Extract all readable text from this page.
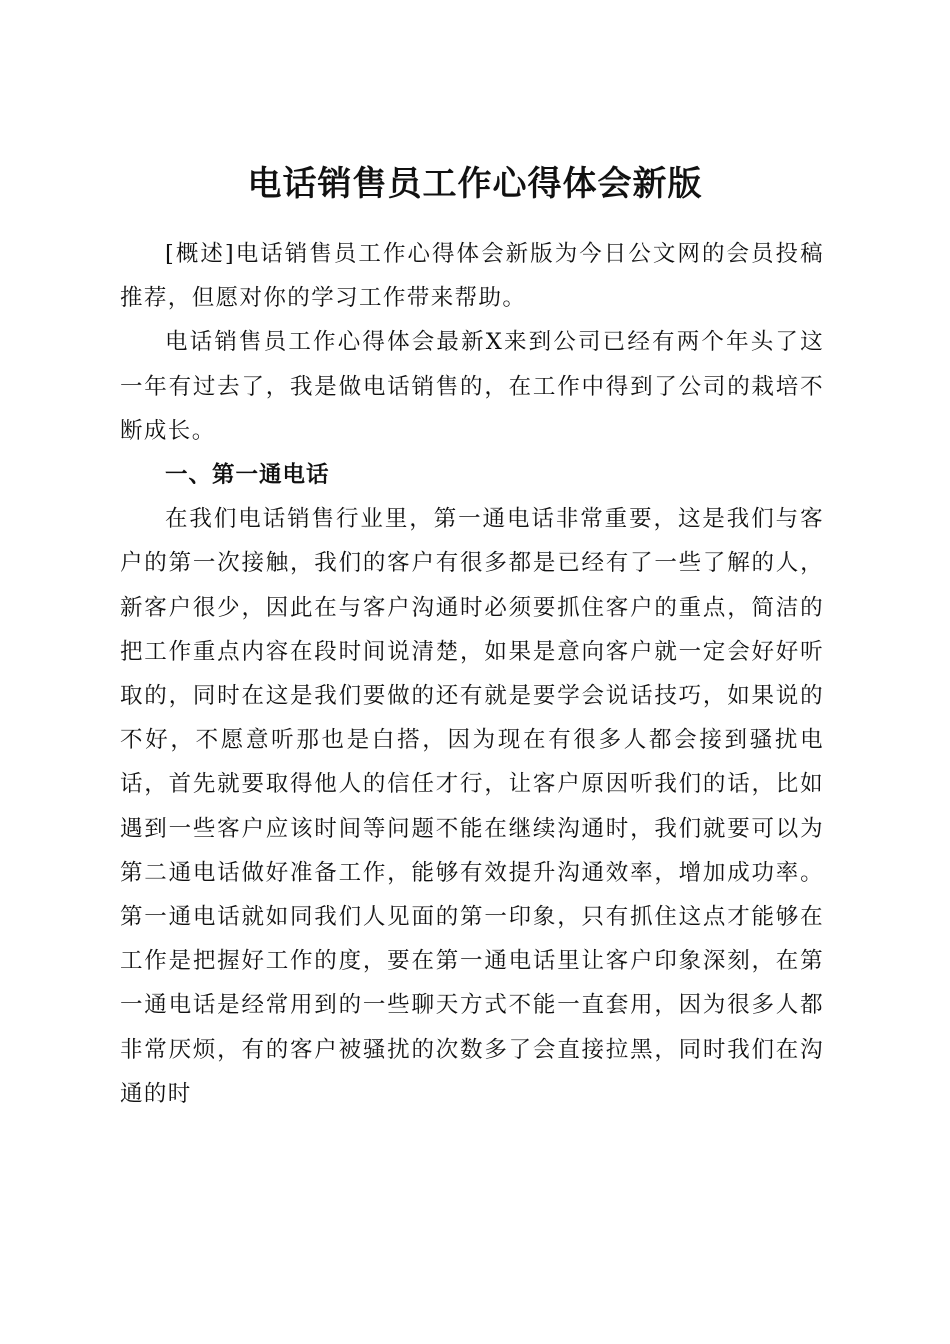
电话销售员工作心得体会新版

[概述]电话销售员工作心得体会新版为今日公文网的会员投稿推荐，但愿对你的学习工作带来帮助。

电话销售员工作心得体会最新X来到公司已经有两个年头了这一年有过去了，我是做电话销售的，在工作中得到了公司的栽培不断成长。

一、第一通电话

在我们电话销售行业里，第一通电话非常重要，这是我们与客户的第一次接触，我们的客户有很多都是已经有了一些了解的人，新客户很少，因此在与客户沟通时必须要抓住客户的重点，简洁的把工作重点内容在段时间说清楚，如果是意向客户就一定会好好听取的，同时在这是我们要做的还有就是要学会说话技巧，如果说的不好，不愿意听那也是白搭，因为现在有很多人都会接到骚扰电话，首先就要取得他人的信任才行，让客户原因听我们的话，比如遇到一些客户应该时间等问题不能在继续沟通时，我们就要可以为第二通电话做好准备工作，能够有效提升沟通效率，增加成功率。第一通电话就如同我们人见面的第一印象，只有抓住这点才能够在工作是把握好工作的度，要在第一通电话里让客户印象深刻，在第一通电话是经常用到的一些聊天方式不能一直套用，因为很多人都非常厌烦，有的客户被骚扰的次数多了会直接拉黑，同时我们在沟通的时
